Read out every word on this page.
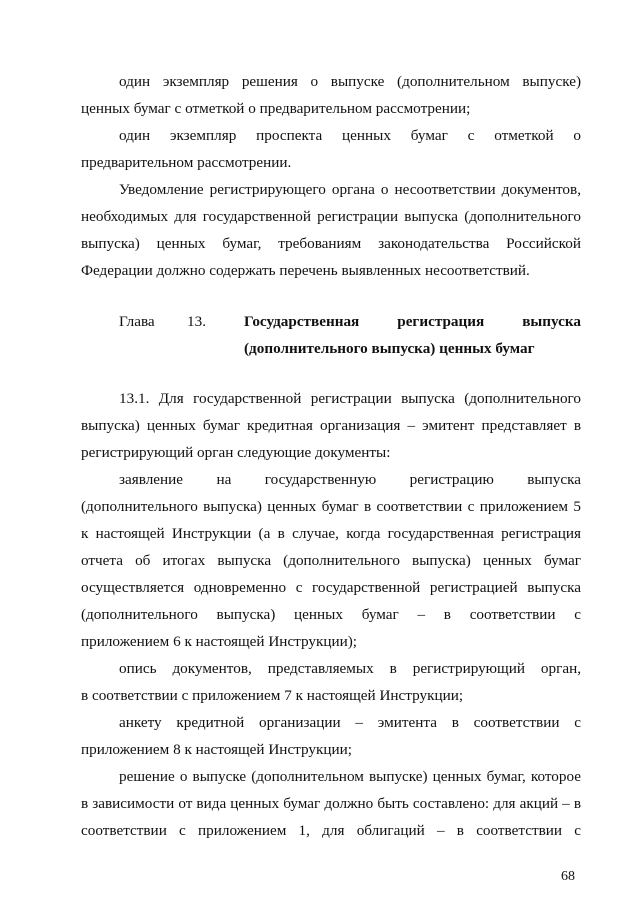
один экземпляр решения о выпуске (дополнительном выпуске)
ценных бумаг с отметкой о предварительном рассмотрении;
один экземпляр проспекта ценных бумаг с отметкой о
предварительном рассмотрении.
Уведомление регистрирующего органа о несоответствии документов,
необходимых для государственной регистрации выпуска (дополнительного
выпуска) ценных бумаг, требованиям законодательства Российской
Федерации должно содержать перечень выявленных несоответствий.
Глава 13.	Государственная регистрация выпуска
(дополнительного выпуска) ценных бумаг
13.1. Для государственной регистрации выпуска (дополнительного
выпуска) ценных бумаг кредитная организация – эмитент представляет в
регистрирующий орган следующие документы:
заявление на государственную регистрацию выпуска
(дополнительного выпуска) ценных бумаг в соответствии с приложением 5
к настоящей Инструкции (а в случае, когда государственная регистрация
отчета об итогах выпуска (дополнительного выпуска) ценных бумаг
осуществляется одновременно с государственной регистрацией выпуска
(дополнительного выпуска) ценных бумаг – в соответствии с
приложением 6 к настоящей Инструкции);
опись документов, представляемых в регистрирующий орган,
в соответствии с приложением 7 к настоящей Инструкции;
анкету кредитной организации – эмитента в соответствии с
приложением 8 к настоящей Инструкции;
решение о выпуске (дополнительном выпуске) ценных бумаг, которое
в зависимости от вида ценных бумаг должно быть составлено: для акций – в
соответствии с приложением 1, для облигаций – в соответствии с
68
